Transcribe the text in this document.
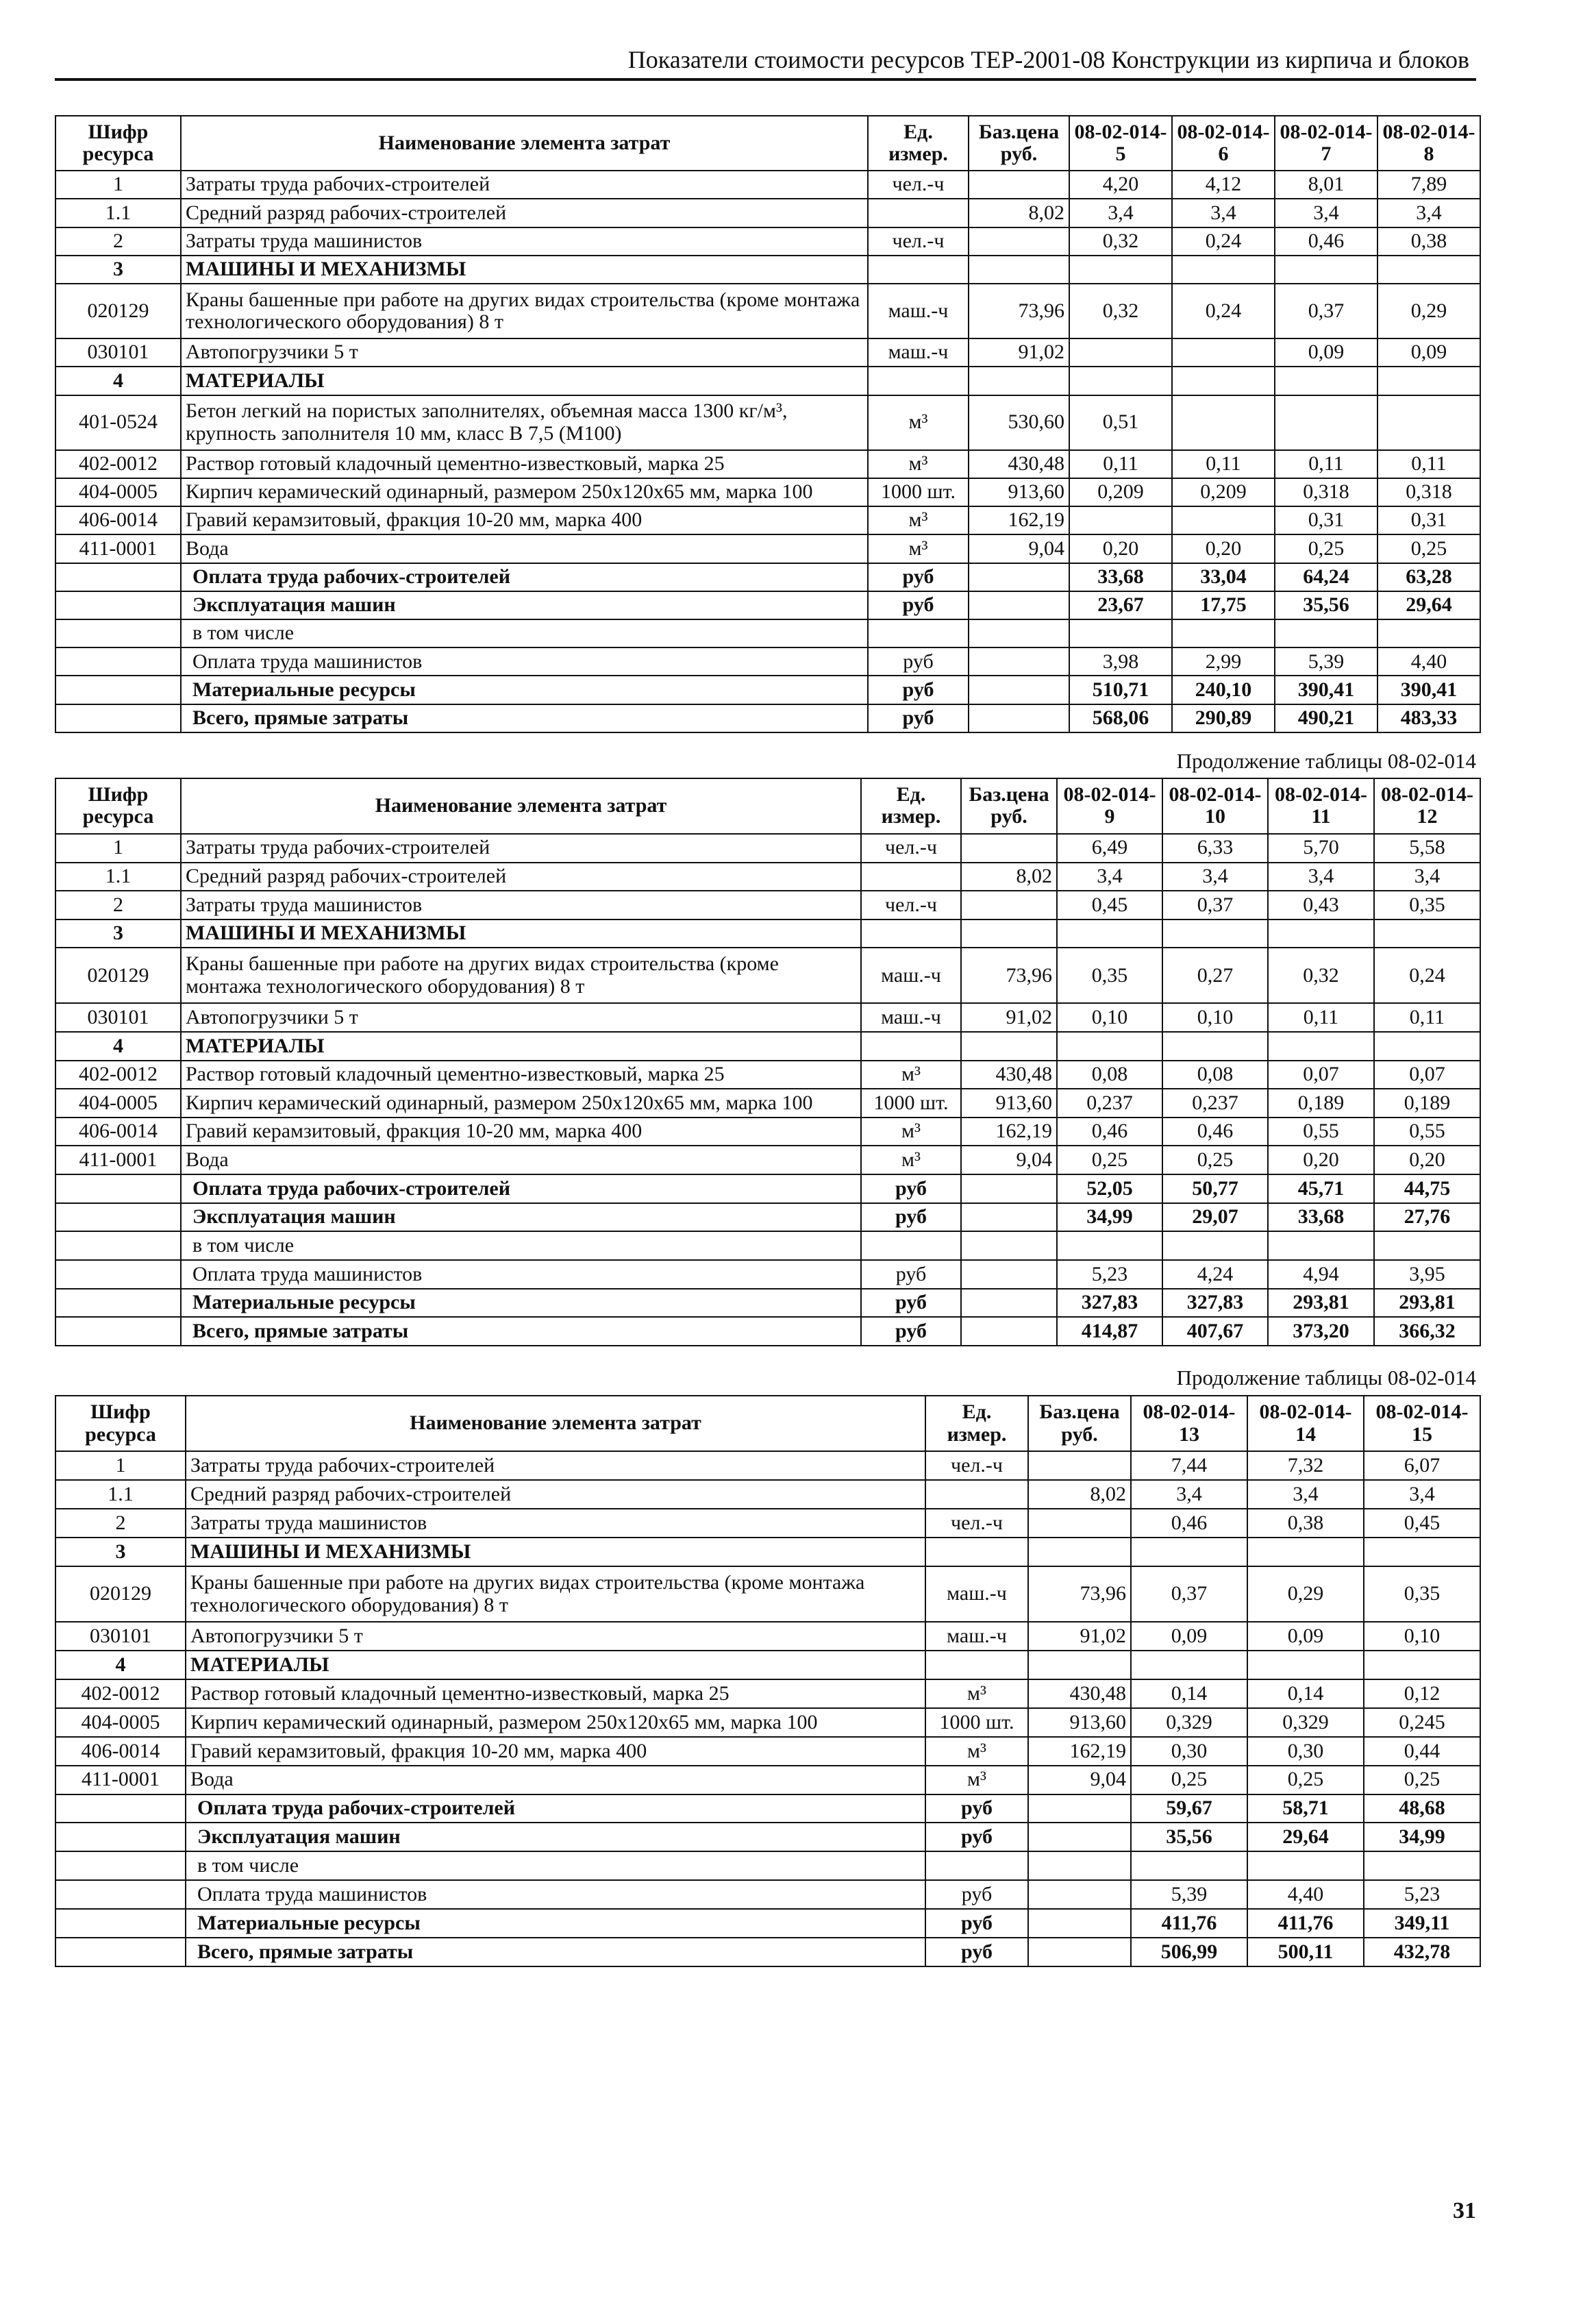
Показатели стоимости ресурсов ТЕР-2001-08 Конструкции из кирпича и блоков
Шифр ресурса	Наименование элемента затрат	Ед. измер.	Баз.цена руб.	08-02-014-5	08-02-014-6	08-02-014-7	08-02-014-8
1	Затраты труда рабочих-строителей	чел.-ч		4,20	4,12	8,01	7,89
1.1	Средний разряд рабочих-строителей		8,02	3,4	3,4	3,4	3,4
2	Затраты труда машинистов	чел.-ч		0,32	0,24	0,46	0,38
3	МАШИНЫ И МЕХАНИЗМЫ						
020129	Краны башенные при работе на других видах строительства (кроме монтажа технологического оборудования) 8 т	маш.-ч	73,96	0,32	0,24	0,37	0,29
030101	Автопогрузчики 5 т	маш.-ч	91,02			0,09	0,09
4	МАТЕРИАЛЫ						
401-0524	Бетон легкий на пористых заполнителях, объемная масса 1300 кг/м³, крупность заполнителя 10 мм, класс В 7,5 (М100)	м³	530,60	0,51			
402-0012	Раствор готовый кладочный цементно-известковый, марка 25	м³	430,48	0,11	0,11	0,11	0,11
404-0005	Кирпич керамический одинарный, размером 250х120х65 мм, марка 100	1000 шт.	913,60	0,209	0,209	0,318	0,318
406-0014	Гравий керамзитовый, фракция 10-20 мм, марка 400	м³	162,19			0,31	0,31
411-0001	Вода	м³	9,04	0,20	0,20	0,25	0,25
	Оплата труда рабочих-строителей	руб		33,68	33,04	64,24	63,28
	Эксплуатация машин	руб		23,67	17,75	35,56	29,64
	в том числе						
	Оплата труда машинистов	руб		3,98	2,99	5,39	4,40
	Материальные ресурсы	руб		510,71	240,10	390,41	390,41
	Всего, прямые затраты	руб		568,06	290,89	490,21	483,33
Продолжение таблицы 08-02-014
Шифр ресурса	Наименование элемента затрат	Ед. измер.	Баз.цена руб.	08-02-014-9	08-02-014-10	08-02-014-11	08-02-014-12
1	Затраты труда рабочих-строителей	чел.-ч		6,49	6,33	5,70	5,58
1.1	Средний разряд рабочих-строителей		8,02	3,4	3,4	3,4	3,4
2	Затраты труда машинистов	чел.-ч		0,45	0,37	0,43	0,35
3	МАШИНЫ И МЕХАНИЗМЫ						
020129	Краны башенные при работе на других видах строительства (кроме монтажа технологического оборудования) 8 т	маш.-ч	73,96	0,35	0,27	0,32	0,24
030101	Автопогрузчики 5 т	маш.-ч	91,02	0,10	0,10	0,11	0,11
4	МАТЕРИАЛЫ						
402-0012	Раствор готовый кладочный цементно-известковый, марка 25	м³	430,48	0,08	0,08	0,07	0,07
404-0005	Кирпич керамический одинарный, размером 250х120х65 мм, марка 100	1000 шт.	913,60	0,237	0,237	0,189	0,189
406-0014	Гравий керамзитовый, фракция 10-20 мм, марка 400	м³	162,19	0,46	0,46	0,55	0,55
411-0001	Вода	м³	9,04	0,25	0,25	0,20	0,20
	Оплата труда рабочих-строителей	руб		52,05	50,77	45,71	44,75
	Эксплуатация машин	руб		34,99	29,07	33,68	27,76
	в том числе						
	Оплата труда машинистов	руб		5,23	4,24	4,94	3,95
	Материальные ресурсы	руб		327,83	327,83	293,81	293,81
	Всего, прямые затраты	руб		414,87	407,67	373,20	366,32
Продолжение таблицы 08-02-014
Шифр ресурса	Наименование элемента затрат	Ед. измер.	Баз.цена руб.	08-02-014-13	08-02-014-14	08-02-014-15
1	Затраты труда рабочих-строителей	чел.-ч		7,44	7,32	6,07
1.1	Средний разряд рабочих-строителей		8,02	3,4	3,4	3,4
2	Затраты труда машинистов	чел.-ч		0,46	0,38	0,45
3	МАШИНЫ И МЕХАНИЗМЫ					
020129	Краны башенные при работе на других видах строительства (кроме монтажа технологического оборудования) 8 т	маш.-ч	73,96	0,37	0,29	0,35
030101	Автопогрузчики 5 т	маш.-ч	91,02	0,09	0,09	0,10
4	МАТЕРИАЛЫ					
402-0012	Раствор готовый кладочный цементно-известковый, марка 25	м³	430,48	0,14	0,14	0,12
404-0005	Кирпич керамический одинарный, размером 250х120х65 мм, марка 100	1000 шт.	913,60	0,329	0,329	0,245
406-0014	Гравий керамзитовый, фракция 10-20 мм, марка 400	м³	162,19	0,30	0,30	0,44
411-0001	Вода	м³	9,04	0,25	0,25	0,25
	Оплата труда рабочих-строителей	руб		59,67	58,71	48,68
	Эксплуатация машин	руб		35,56	29,64	34,99
	в том числе					
	Оплата труда машинистов	руб		5,39	4,40	5,23
	Материальные ресурсы	руб		411,76	411,76	349,11
	Всего, прямые затраты	руб		506,99	500,11	432,78
31
